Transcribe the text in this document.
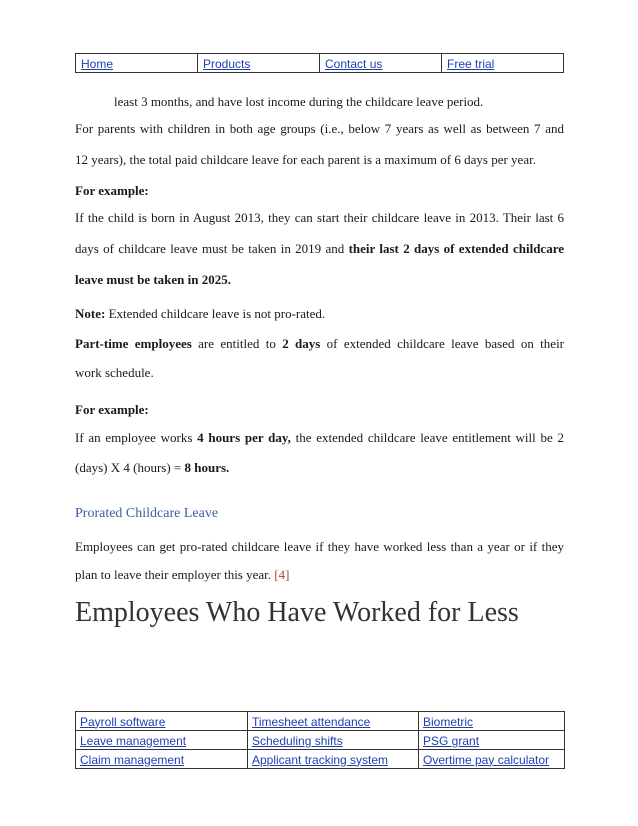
Home	Products	Contact us	Free trial
least 3 months, and have lost income during the childcare leave period.
For parents with children in both age groups (i.e., below 7 years as well as between 7 and
12 years), the total paid childcare leave for each parent is a maximum of 6 days per year.
For example:
If the child is born in August 2013, they can start their childcare leave in 2013. Their last 6
days of childcare leave must be taken in 2019 and their last 2 days of extended childcare
leave must be taken in 2025.
Note: Extended childcare leave is not pro-rated.
Part-time employees are entitled to 2 days of extended childcare leave based on their
work schedule.
For example:
If an employee works 4 hours per day, the extended childcare leave entitlement will be 2
(days) X 4 (hours) = 8 hours.
Prorated Childcare Leave
Employees can get pro-rated childcare leave if they have worked less than a year or if they
plan to leave their employer this year. [4]
Employees Who Have Worked for Less
Payroll software	Timesheet attendance	Biometric
Leave management	Scheduling shifts	PSG grant
Claim management	Applicant tracking system	Overtime pay calculator
